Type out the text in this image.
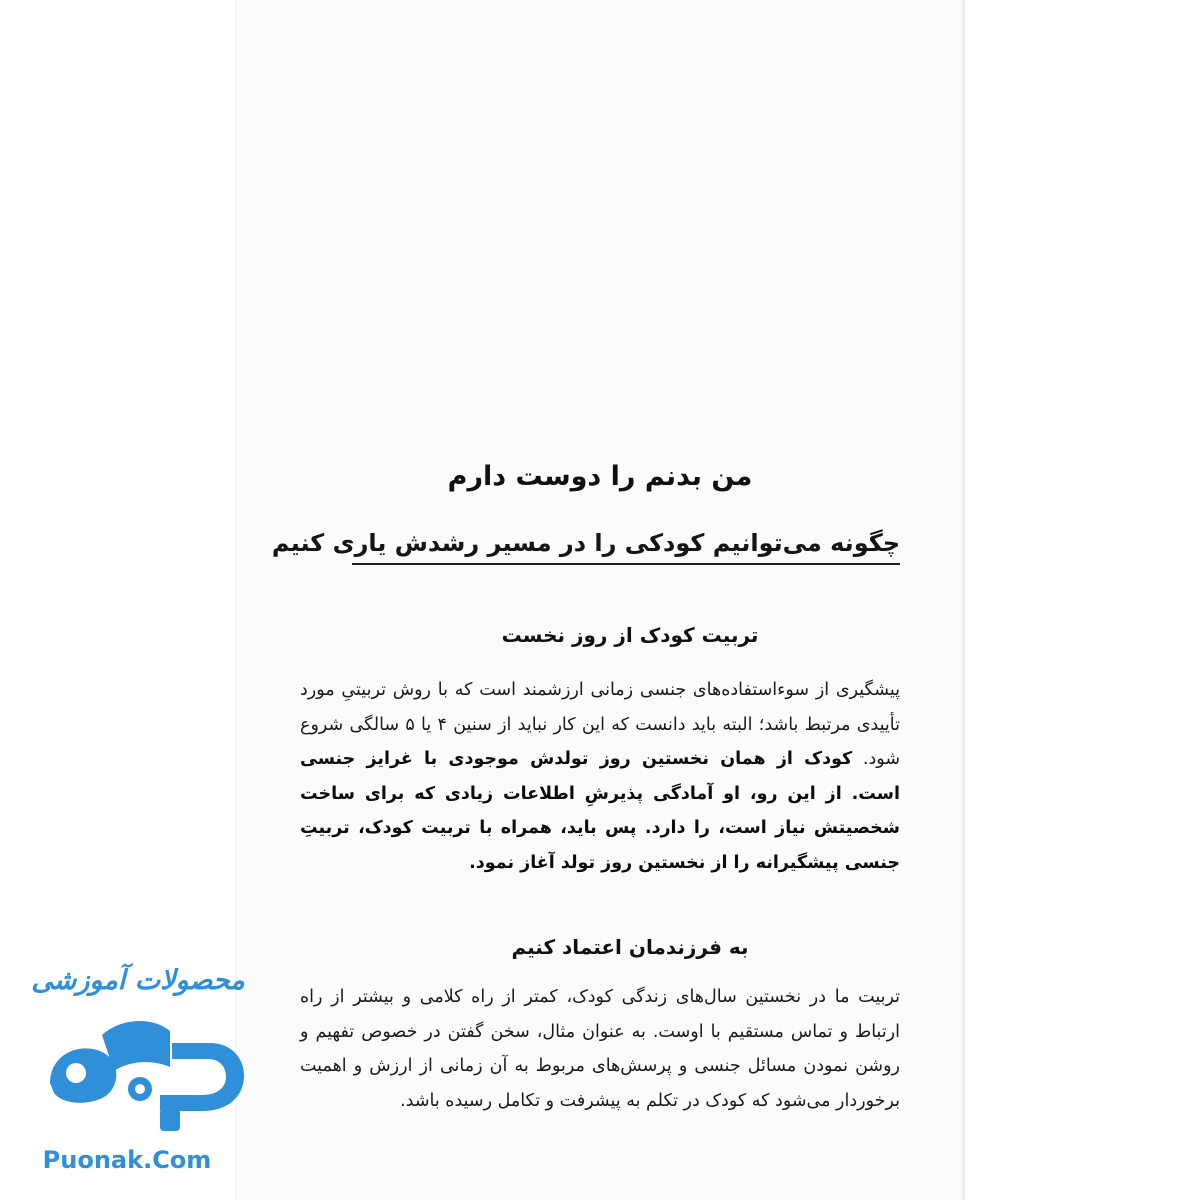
من بدنم را دوست دارم
چگونه می‌توانیم کودکی را در مسیر رشدش یاری کنیم
تربیت کودک از روز نخست

پیشگیری از سوءاستفاده‌های جنسی زمانی ارزشمند است که با روش تربیتیِ مورد تأییدی مرتبط باشد؛ البته باید دانست که این کار نباید از سنین ۴ یا ۵ سالگی شروع شود. کودک از همان نخستین روز تولدش موجودی با غرایز جنسی است. از این رو، او آمادگی پذیرشِ اطلاعات زیادی که برای ساخت شخصیتش نیاز است، را دارد. پس باید، همراه با تربیت کودک، تربیتِ جنسی پیشگیرانه را از نخستین روز تولد آغاز نمود.

به فرزندمان اعتماد کنیم

تربیت ما در نخستین سال‌های زندگی کودک، کمتر از راه کلامی و بیشتر از راه ارتباط و تماس مستقیم با اوست. به عنوان مثال، سخن گفتن در خصوص تفهیم و روشن نمودن مسائل جنسی و پرسش‌های مربوط به آن زمانی از ارزش و اهمیت برخوردار می‌شود که کودک در تکلم به پیشرفت و تکامل رسیده باشد.

محصولات آموزشی
Puonak.Com
